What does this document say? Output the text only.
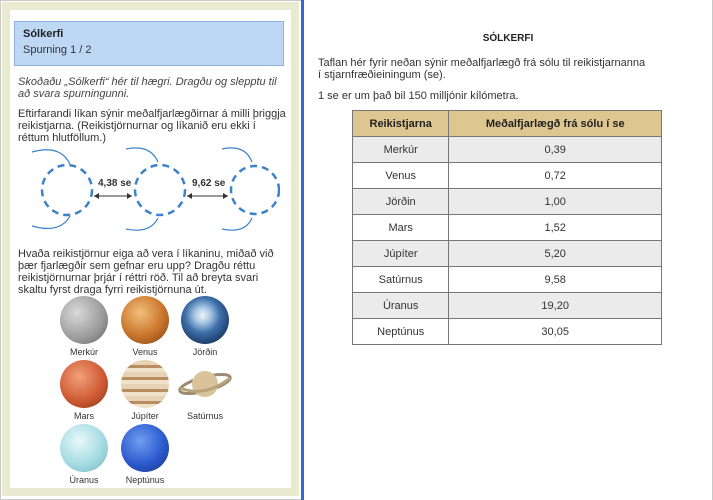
Sólkerfi
Spurning 1 / 2
Skoðaðu „Sólkerfi“ hér til hægri. Dragðu og slepptu til að svara spurningunni.
Eftirfarandi líkan sýnir meðalfjarlægðirnar á milli þriggja reikistjarna. (Reikistjörnurnar og líkanið eru ekki í réttum hlutföllum.)
4,38 se	9,62 se
Hvaða reikistjörnur eiga að vera í líkaninu, miðað við þær fjarlægðir sem gefnar eru upp? Dragðu réttu reikistjörnurnar þrjár í réttri röð. Til að breyta svari skaltu fyrst draga fyrri reikistjörnuna út.
Merkúr	Venus	Jörðin
Mars	Júpíter	Satúrnus
Úranus	Neptúnus
SÓLKERFI
Taflan hér fyrir neðan sýnir meðalfjarlægð frá sólu til reikistjarnanna í stjarnfræðieiningum (se).
1 se er um það bil 150 milljónir kílómetra.
Reikistjarna	Meðalfjarlægð frá sólu í se
Merkúr	0,39
Venus	0,72
Jörðin	1,00
Mars	1,52
Júpíter	5,20
Satúrnus	9,58
Úranus	19,20
Neptúnus	30,05
